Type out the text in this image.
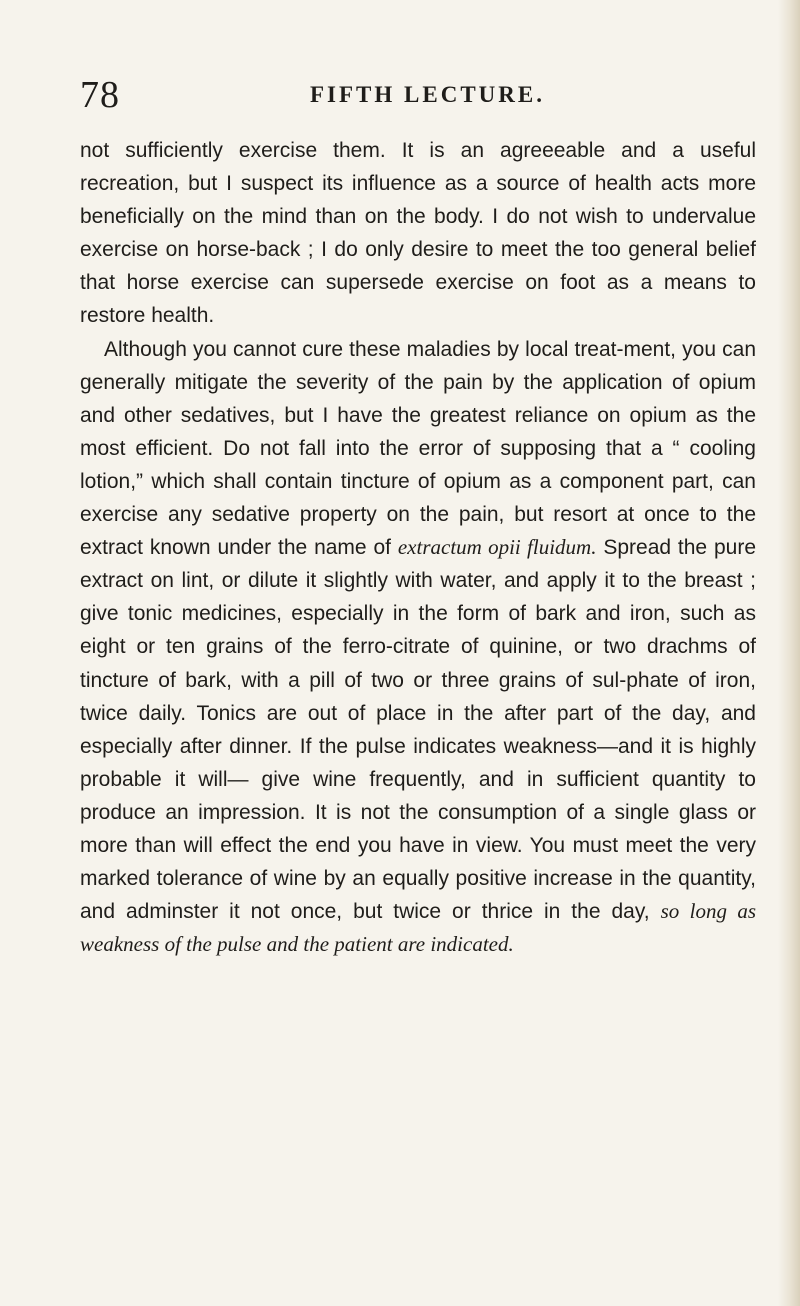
78	FIFTH LECTURE.

not sufficiently exercise them. It is an agreeeable and a useful recreation, but I suspect its influence as a source of health acts more beneficially on the mind than on the body. I do not wish to undervalue exercise on horse-back ; I do only desire to meet the too general belief that horse exercise can supersede exercise on foot as a means to restore health.

Although you cannot cure these maladies by local treat-ment, you can generally mitigate the severity of the pain by the application of opium and other sedatives, but I have the greatest reliance on opium as the most efficient. Do not fall into the error of supposing that a “ cooling lotion,” which shall contain tincture of opium as a component part, can exercise any sedative property on the pain, but resort at once to the extract known under the name of extractum opii fluidum. Spread the pure extract on lint, or dilute it slightly with water, and apply it to the breast ; give tonic medicines, especially in the form of bark and iron, such as eight or ten grains of the ferro-citrate of quinine, or two drachms of tincture of bark, with a pill of two or three grains of sul-phate of iron, twice daily. Tonics are out of place in the after part of the day, and especially after dinner. If the pulse indicates weakness—and it is highly probable it will— give wine frequently, and in sufficient quantity to produce an impression. It is not the consumption of a single glass or more than will effect the end you have in view. You must meet the very marked tolerance of wine by an equally positive increase in the quantity, and adminster it not once, but twice or thrice in the day, so long as weakness of the pulse and the patient are indicated.
